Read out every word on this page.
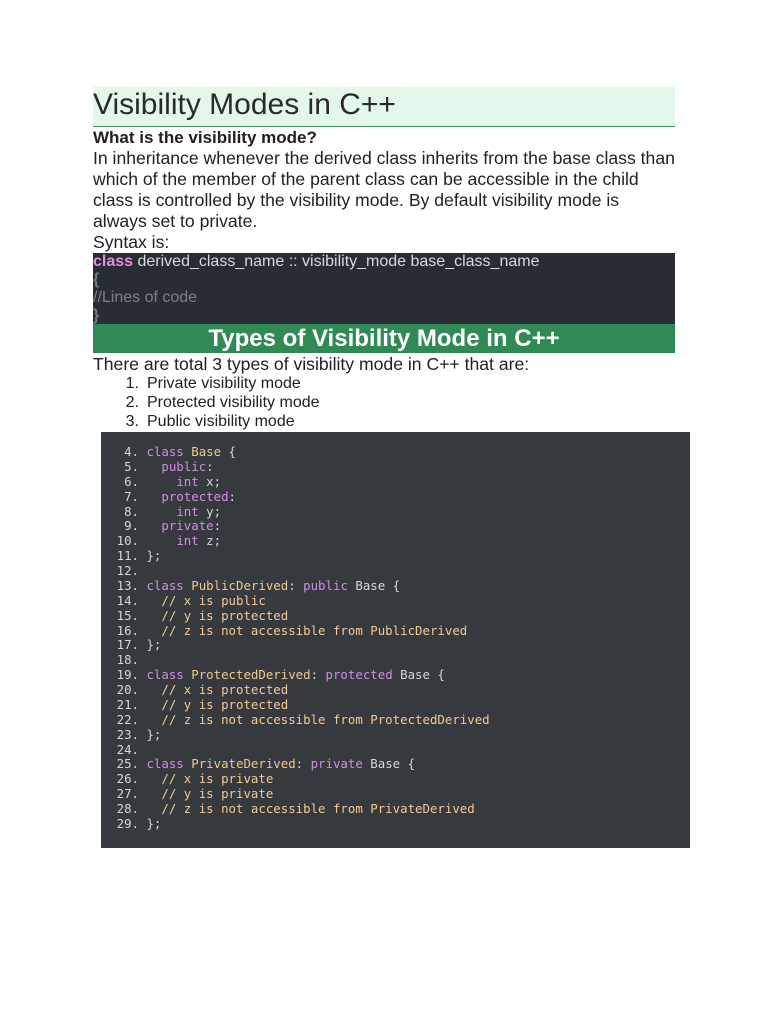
Visibility Modes in C++
What is the visibility mode?

In inheritance whenever the derived class inherits from the base class than which of the member of the parent class can be accessible in the child class is controlled by the visibility mode. By default visibility mode is always set to private.

Syntax is:
class derived_class_name :: visibility_mode base_class_name
{
//Lines of code
}
Types of Visibility Mode in C++
There are total 3 types of visibility mode in C++ that are:
1. Private visibility mode
2. Protected visibility mode
3. Public visibility mode
4. class Base {
5.	public:
6.	int x;
7.	protected:
8.	int y;
9.	private:
10.	int z;
11. };
12.

13. class PublicDerived: public Base {
14.	// x is public
15.	// y is protected
16.	// z is not accessible from PublicDerived
17. };
18.

19. class ProtectedDerived: protected Base {
20.	// x is protected
21.	// y is protected
22.	// z is not accessible from ProtectedDerived
23. };
24.

25. class PrivateDerived: private Base {
26.	// x is private
27.	// y is private
28.	// z is not accessible from PrivateDerived
29. };
